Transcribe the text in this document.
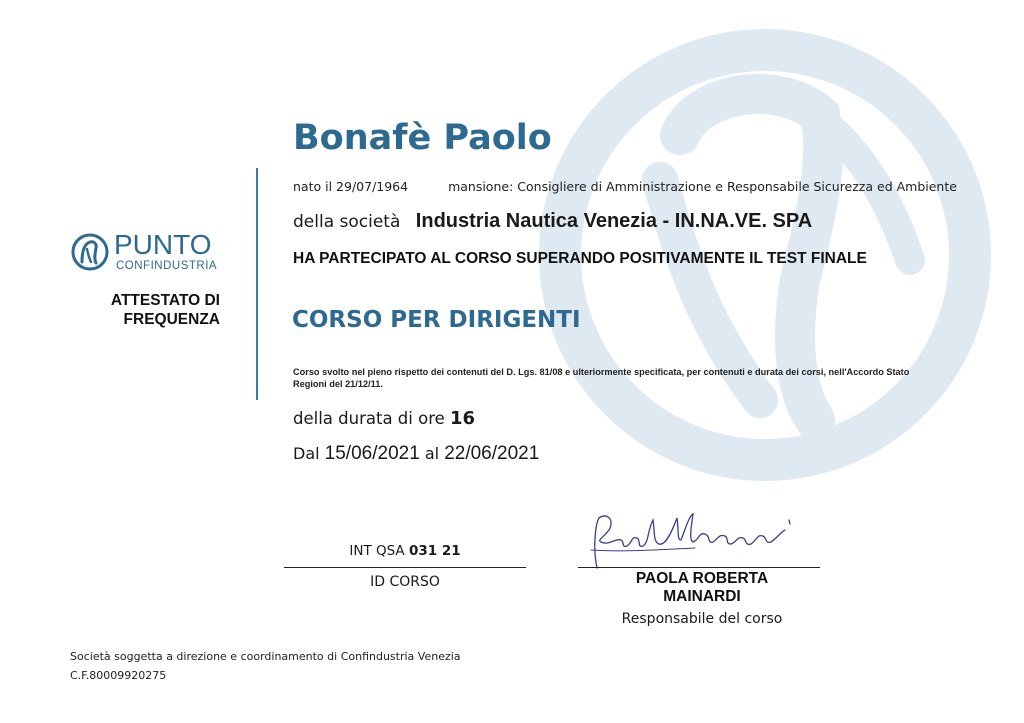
PUNTO
CONFINDUSTRIA
ATTESTATO DI
FREQUENZA
Bonafè Paolo
nato il 29/07/1964	mansione: Consigliere di Amministrazione e Responsabile Sicurezza ed Ambiente
della società Industria Nautica Venezia - IN.NA.VE. SPA
HA PARTECIPATO AL CORSO SUPERANDO POSITIVAMENTE IL TEST FINALE
CORSO PER DIRIGENTI
Corso svolto nel pieno rispetto dei contenuti del D. Lgs. 81/08 e ulteriormente specificata, per contenuti e durata dei corsi, nell'Accordo Stato Regioni del 21/12/11.
della durata di ore 16
Dal 15/06/2021 al 22/06/2021
INT QSA 031 21
ID CORSO	PAOLA ROBERTA
MAINARDI
Responsabile del corso
Società soggetta a direzione e coordinamento di Confindustria Venezia
C.F.80009920275
